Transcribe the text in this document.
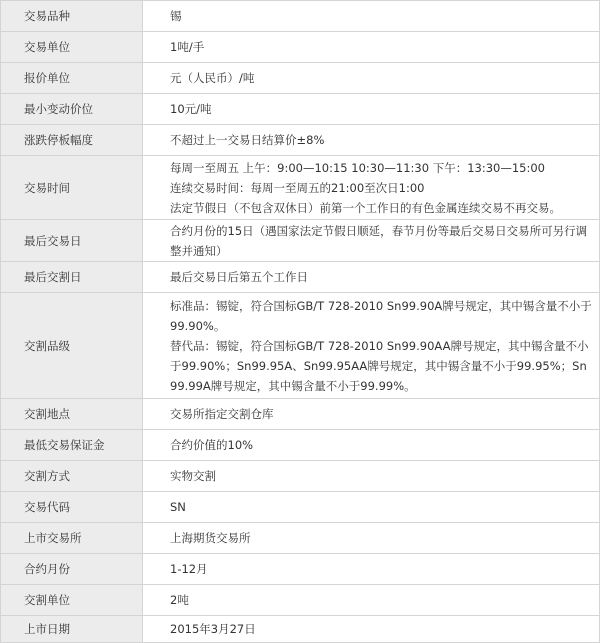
交易品种	锡
交易单位	1吨/手
报价单位	元（人民币）/吨
最小变动价位	10元/吨
涨跌停板幅度	不超过上一交易日结算价±8%
交易时间	每周一至周五 上午：9:00—10:15 10:30—11:30 下午：13:30—15:00
连续交易时间：每周一至周五的21:00至次日1:00
法定节假日（不包含双休日）前第一个工作日的有色金属连续交易不再交易。

最后交易日	合约月份的15日（遇国家法定节假日顺延，春节月份等最后交易日交易所可另行调整并通知）

最后交割日	最后交易日后第五个工作日
交割品级	标准品：锡锭，符合国标GB/T 728-2010 Sn99.90A牌号规定，其中锡含量不小于99.90%。
替代品：锡锭，符合国标GB/T 728-2010 Sn99.90AA牌号规定，其中锡含量不小于99.90%；Sn99.95A、Sn99.95AA牌号规定，其中锡含量不小于99.95%；Sn99.99A牌号规定，其中锡含量不小于99.99%。

交割地点	交易所指定交割仓库
最低交易保证金	合约价值的10%
交割方式	实物交割
交易代码	SN
上市交易所	上海期货交易所
合约月份	1-12月
交割单位	2吨
上市日期	2015年3月27日
